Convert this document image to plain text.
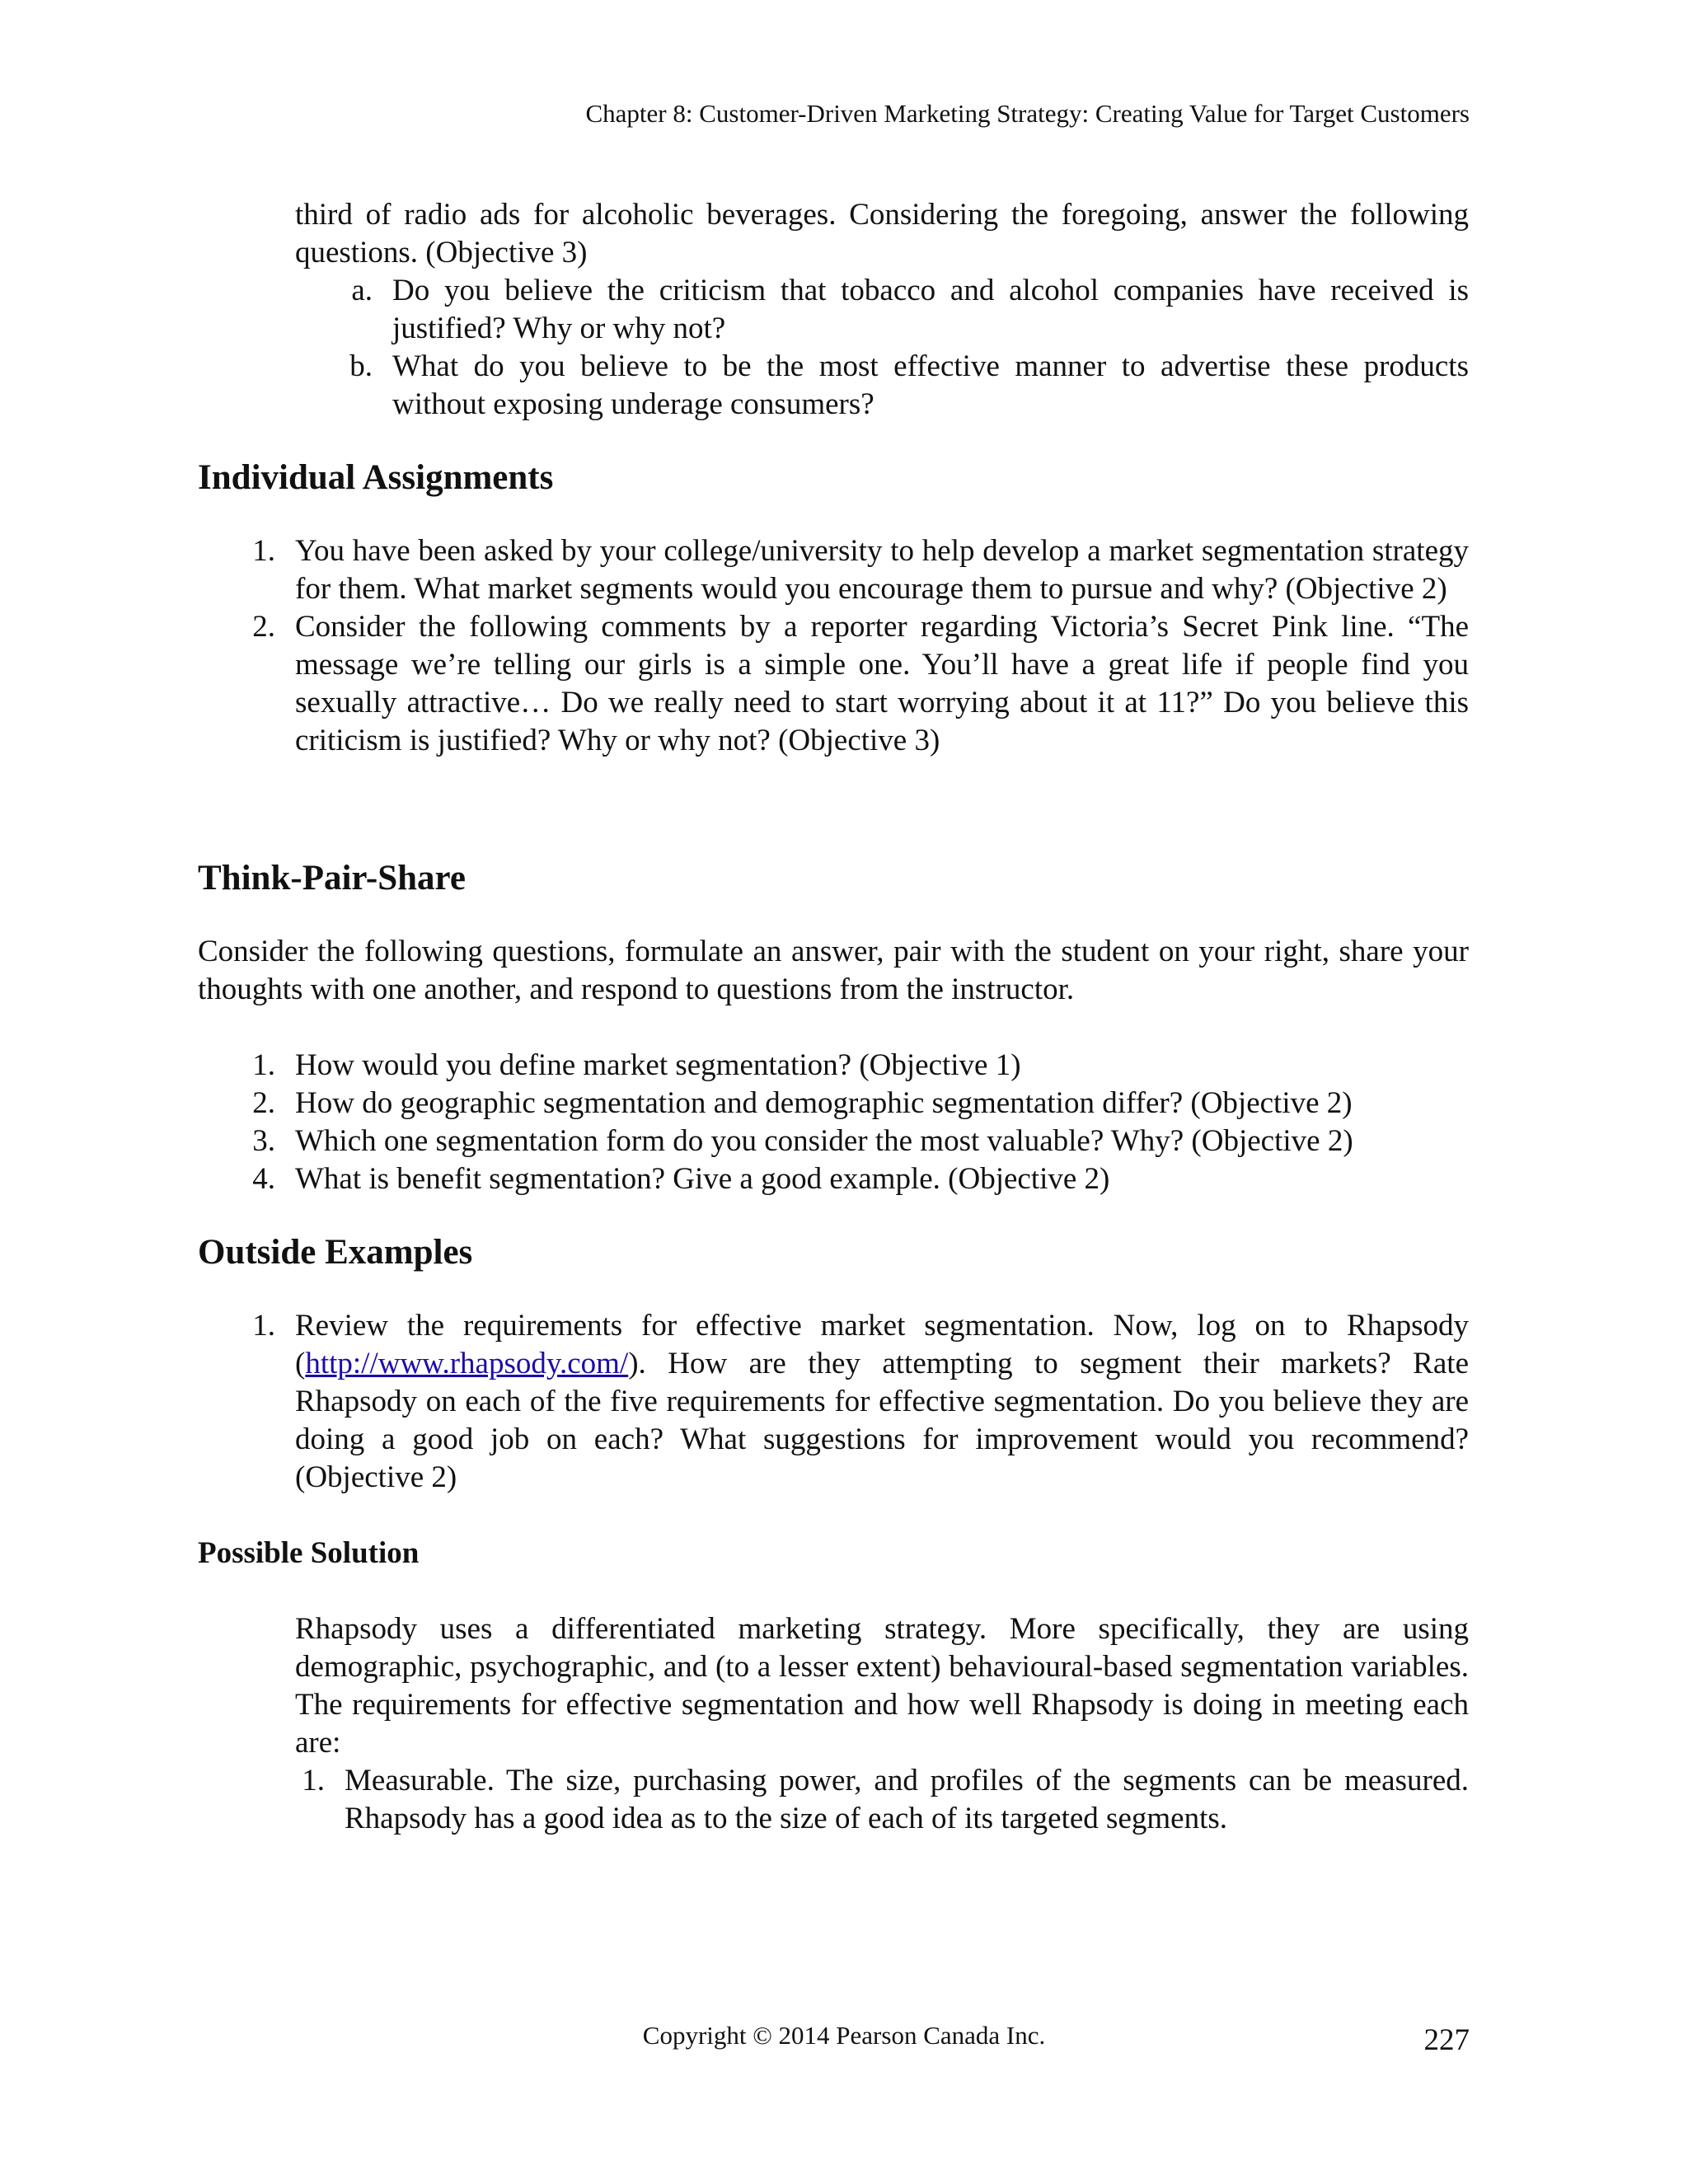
Chapter 8: Customer-Driven Marketing Strategy: Creating Value for Target Customers

third of radio ads for alcoholic beverages. Considering the foregoing, answer the following questions. (Objective 3)

a. Do you believe the criticism that tobacco and alcohol companies have received is justified? Why or why not?
b. What do you believe to be the most effective manner to advertise these products without exposing underage consumers?
Individual Assignments
1. You have been asked by your college/university to help develop a market segmentation strategy for them. What market segments would you encourage them to pursue and why? (Objective 2)
2. Consider the following comments by a reporter regarding Victoria’s Secret Pink line. “The message we’re telling our girls is a simple one. You’ll have a great life if people find you sexually attractive… Do we really need to start worrying about it at 11?” Do you believe this criticism is justified? Why or why not? (Objective 3)
Think-Pair-Share

Consider the following questions, formulate an answer, pair with the student on your right, share your thoughts with one another, and respond to questions from the instructor.

1. How would you define market segmentation? (Objective 1)
2. How do geographic segmentation and demographic segmentation differ? (Objective 2)
3. Which one segmentation form do you consider the most valuable? Why? (Objective 2)
4. What is benefit segmentation? Give a good example. (Objective 2)
Outside Examples
1. Review the requirements for effective market segmentation. Now, log on to Rhapsody (http://www.rhapsody.com/). How are they attempting to segment their markets? Rate Rhapsody on each of the five requirements for effective segmentation. Do you believe they are doing a good job on each? What suggestions for improvement would you recommend? (Objective 2)

Possible Solution

Rhapsody uses a differentiated marketing strategy. More specifically, they are using demographic, psychographic, and (to a lesser extent) behavioural-based segmentation variables. The requirements for effective segmentation and how well Rhapsody is doing in meeting each are:

1. Measurable. The size, purchasing power, and profiles of the segments can be measured. Rhapsody has a good idea as to the size of each of its targeted segments.
Copyright © 2014 Pearson Canada Inc.	227
